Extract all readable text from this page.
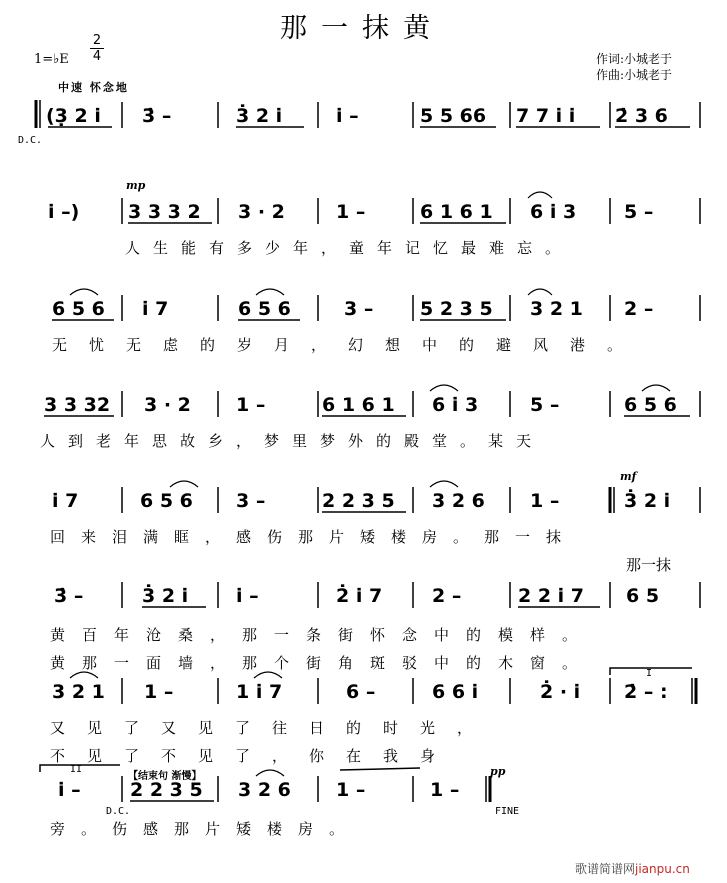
那一抹黄
1=♭E
2
4
中速 怀念地
作词:小城老于
作曲:小城老于
D.C.
mp
mf
pp
I
II
【结束句 渐慢】
D.C.	FINE
人生能有多少年，童年记忆最难忘。
无忧无虑的岁月，幻想中的避风港。
人到老年思故乡，梦里梦外的殿堂。某天
回来泪满眶，感伤那片矮楼房。那一抹
那一抹
黄百年沧桑，那一条街怀念中的模样。
黄那一面墙，那个街角斑驳中的木窗。
又见了又见了往日的时光，
不见了不见了，你在我身
旁。伤感那片矮楼房。
歌谱简谱网jianpu.cn
(3̣ 2 i̇ 3̇ –	3̇ 2 i̇	i̇ –	5 5 66 7 7 i̇ i̇ 2̇ 3 6
i̇ –)	3 3 3 2 3 · 2	1 –	6 1 6 1 6 i̇ 3	5 –
6 5 6 i̇ 7	6 5 6	3 – 5 2 3 5 3 2 1 2 –
3 3 32 3 · 2 1 –	6 1 6 1 6 i̇ 3	5 –	6 5 6
i̇ 7	6 5 6 3 –	2 2 3 5 3 2 6 1 –	3̇ 2 i̇
3̇ –	3̇ 2 i̇	i̇ –	2̇ i̇ 7	2 –	2 2 i̇ 7 6 5
3 2 1 1 –	1 i̇ 7	6 –	6 6 i̇	2̇ · i̇ 2̇ – :
i̇ –	2 2 3 5 3 2 6 1 –	1 –
